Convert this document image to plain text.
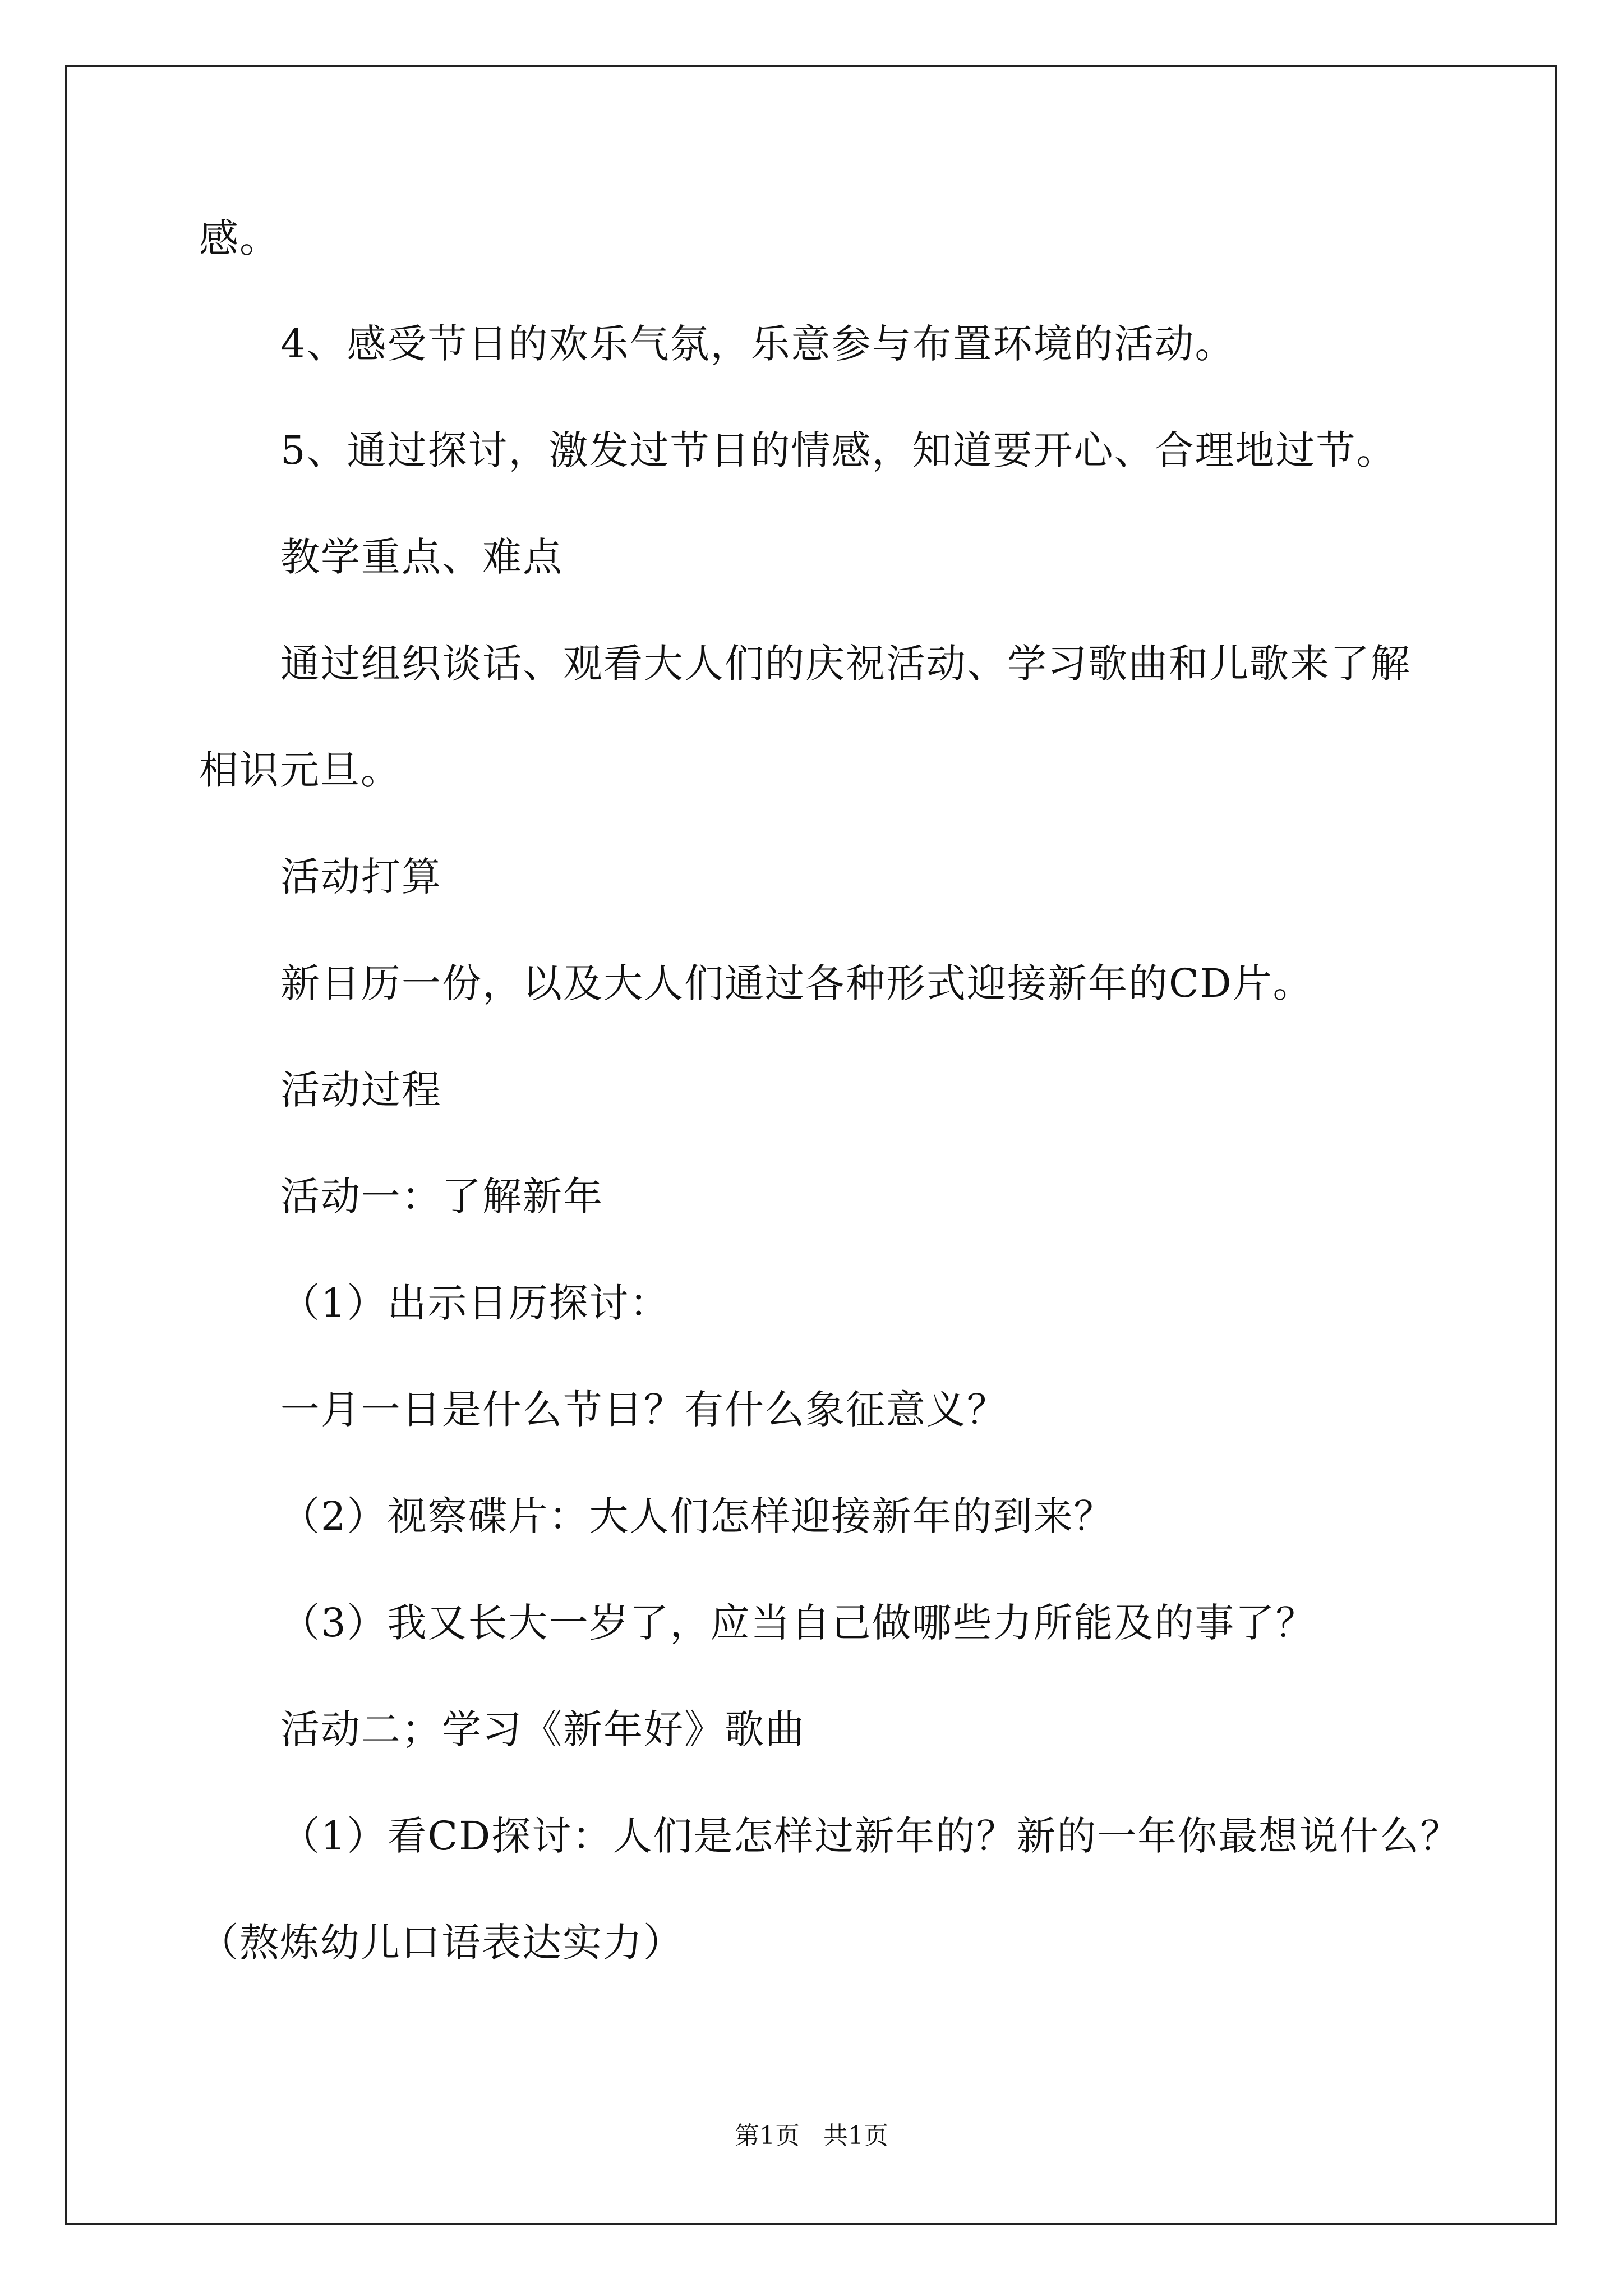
感。
4、感受节日的欢乐气氛，乐意参与布置环境的活动。
5、通过探讨，激发过节日的情感，知道要开心、合理地过节。
教学重点、难点
通过组织谈话、观看大人们的庆祝活动、学习歌曲和儿歌来了解
相识元旦。
活动打算
新日历一份，以及大人们通过各种形式迎接新年的CD片。
活动过程
活动一：了解新年
（1）出示日历探讨：
一月一日是什么节日？有什么象征意义？
（2）视察碟片：大人们怎样迎接新年的到来？
（3）我又长大一岁了，应当自己做哪些力所能及的事了？
活动二；学习《新年好》歌曲
（1）看CD探讨：人们是怎样过新年的？新的一年你最想说什么？
（熬炼幼儿口语表达实力）
第1页   共1页
